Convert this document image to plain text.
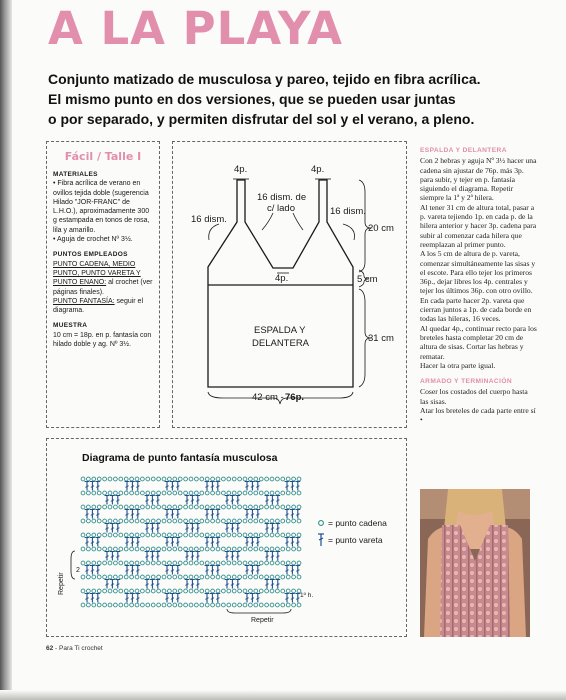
A LA PLAYA
Conjunto matizado de musculosa y pareo, tejido en fibra acrílica.
El mismo punto en dos versiones, que se pueden usar juntas
o por separado, y permiten disfrutar del sol y el verano, a pleno.
Fácil / Talle I
MATERIALES
• Fibra acrílica de verano en ovillos tejida doble (sugerencia Hilado "JOR-FRANC" de L.H.O.), aproximadamente 300 g estampada en tonos de rosa, lila y amarillo.
• Aguja de crochet Nº 3½.
PUNTOS EMPLEADOS
PUNTO CADENA, MEDIO PUNTO, PUNTO VARETA Y PUNTO ENANO: al crochet (ver páginas finales).
PUNTO FANTASÍA: seguir el diagrama.
MUESTRA
10 cm = 18p. en p. fantasía con hilado doble y ag. Nº 3½.
4p.	4p.
16 dism. de
c/ lado
16 dism.
16 dism.
4p.
20 cm
5 cm
31 cm
ESPALDA Y
DELANTERA
42 cm - 76p.
ESPALDA Y DELANTERA

Con 2 hebras y aguja Nº 3½ hacer una cadena sin ajustar de 76p. más 3p. para subir, y tejer en p. fantasía siguiendo el diagrama. Repetir siempre la 1ª y 2ª hilera.

Al tener 31 cm de altura total, pasar a p. vareta tejiendo 1p. en cada p. de la hilera anterior y hacer 3p. cadena para subir al comenzar cada hilera que reemplazan al primer punto.

A los 5 cm de altura de p. vareta, comenzar simultáneamente las sisas y el escote. Para ello tejer los primeros 36p., dejar libres los 4p. centrales y tejer los últimos 36p. con otro ovillo. En cada parte hacer 2p. vareta que cierran juntos a 1p. de cada borde en todas las hileras, 16 veces.

Al quedar 4p., continuar recto para los breteles hasta completar 20 cm de altura de sisas. Cortar las hebras y rematar.

Hacer la otra parte igual.

ARMADO Y TERMINACIÓN

Coser los costados del cuerpo hasta las sisas.

Atar los breteles de cada parte entre sí •

= punto cadena
= punto vareta
1º h.
2
Repetir
Repetir
Diagrama de punto fantasía musculosa
62 - Para Ti crochet
